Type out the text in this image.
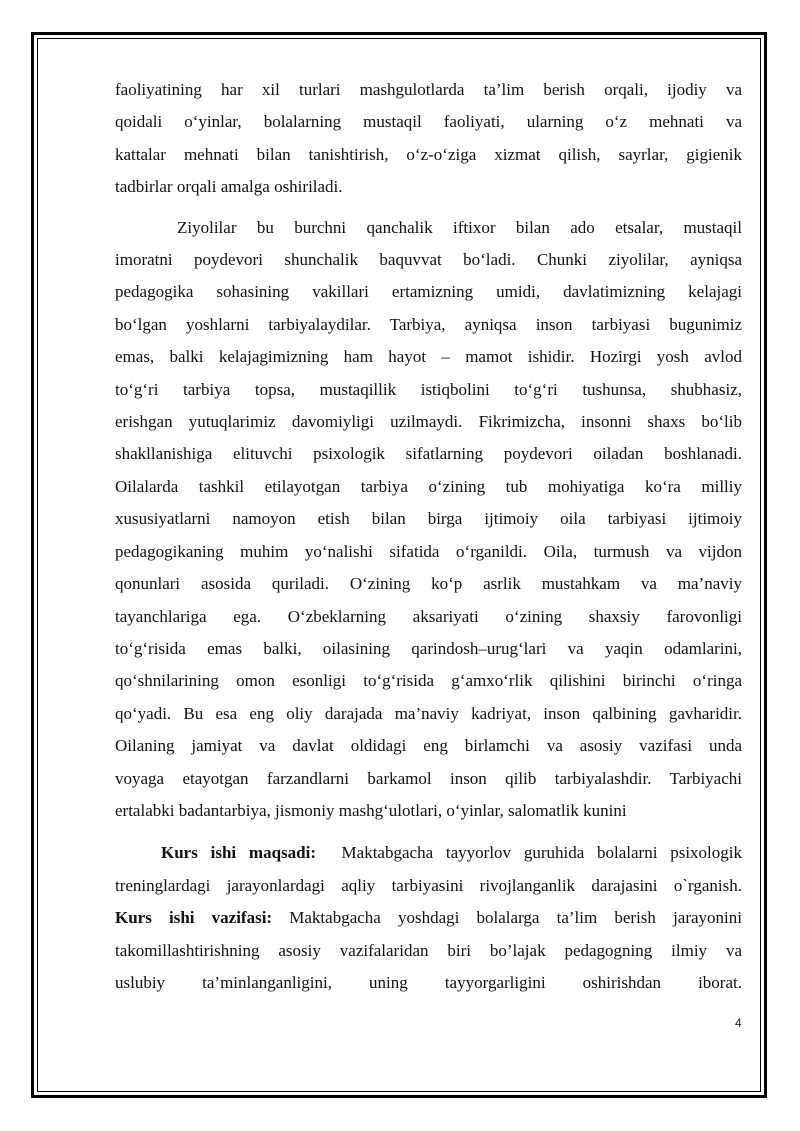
faoliyatining har xil turlari mashgulotlarda ta’lim berish orqali, ijodiy va
qoidali o‘yinlar, bolalarning mustaqil faoliyati, ularning o‘z mehnati va
kattalar mehnati bilan tanishtirish, o‘z-o‘ziga xizmat qilish, sayrlar, gigienik
tadbirlar orqali amalga oshiriladi.
Ziyolilar bu burchni qanchalik iftixor bilan ado etsalar, mustaqil
imoratni poydevori shunchalik baquvvat bo‘ladi. Chunki ziyolilar, ayniqsa
pedagogika sohasining vakillari ertamizning umidi, davlatimizning kelajagi
bo‘lgan yoshlarni tarbiyalaydilar. Tarbiya, ayniqsa inson tarbiyasi bugunimiz
emas, balki kelajagimizning ham hayot – mamot ishidir. Hozirgi yosh avlod
to‘g‘ri tarbiya topsa, mustaqillik istiqbolini to‘g‘ri tushunsa, shubhasiz,
erishgan yutuqlarimiz davomiyligi uzilmaydi. Fikrimizcha, insonni shaxs bo‘lib
shakllanishiga elituvchi psixologik sifatlarning poydevori oiladan boshlanadi.
Oilalarda tashkil etilayotgan tarbiya o‘zining tub mohiyatiga ko‘ra milliy
xususiyatlarni namoyon etish bilan birga ijtimoiy oila tarbiyasi ijtimoiy
pedagogikaning muhim yo‘nalishi sifatida o‘rganildi. Oila, turmush va vijdon
qonunlari asosida quriladi. O‘zining ko‘p asrlik mustahkam va ma’naviy
tayanchlariga ega. O‘zbeklarning aksariyati o‘zining shaxsiy farovonligi
to‘g‘risida emas balki, oilasining qarindosh–urug‘lari va yaqin odamlarini,
qo‘shnilarining omon esonligi to‘g‘risida g‘amxo‘rlik qilishini birinchi o‘ringa
qo‘yadi. Bu esa eng oliy darajada ma’naviy kadriyat, inson qalbining gavharidir.
Oilaning jamiyat va davlat oldidagi eng birlamchi va asosiy vazifasi unda
voyaga etayotgan farzandlarni barkamol inson qilib tarbiyalashdir. Tarbiyachi
ertalabki badantarbiya, jismoniy mashg‘ulotlari, o‘yinlar, salomatlik kunini
Kurs ishi maqsadi: Maktabgacha tayyorlov guruhida bolalarni psixologik
treninglardagi jarayonlardagi aqliy tarbiyasini rivojlanganlik darajasini o`rganish.
Kurs ishi vazifasi: Maktabgacha yoshdagi bolalarga ta’lim berish jarayonini
takomillashtirishning asosiy vazifalaridan biri bo’lajak pedagogning ilmiy va
uslubiy ta’minlanganligini, uning tayyorgarligini oshirishdan iborat.
4
